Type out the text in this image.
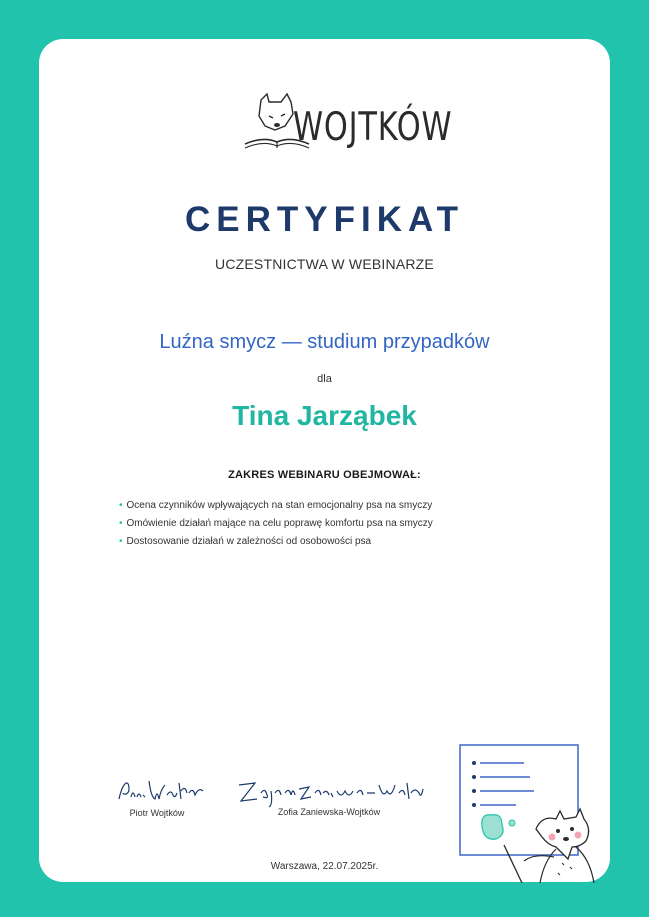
WOJTKÓW
CERTYFIKAT
UCZESTNICTWA W WEBINARZE
Luźna smycz — studium przypadków
dla
Tina Jarząbek
ZAKRES WEBINARU OBEJMOWAŁ:
• Ocena czynników wpływających na stan emocjonalny psa na smyczy
• Omówienie działań mające na celu poprawę komfortu psa na smyczy
• Dostosowanie działań w zależności od osobowości psa
Piotr Wojtków	Zofia Zaniewska-Wojtków
Warszawa, 22.07.2025r.
